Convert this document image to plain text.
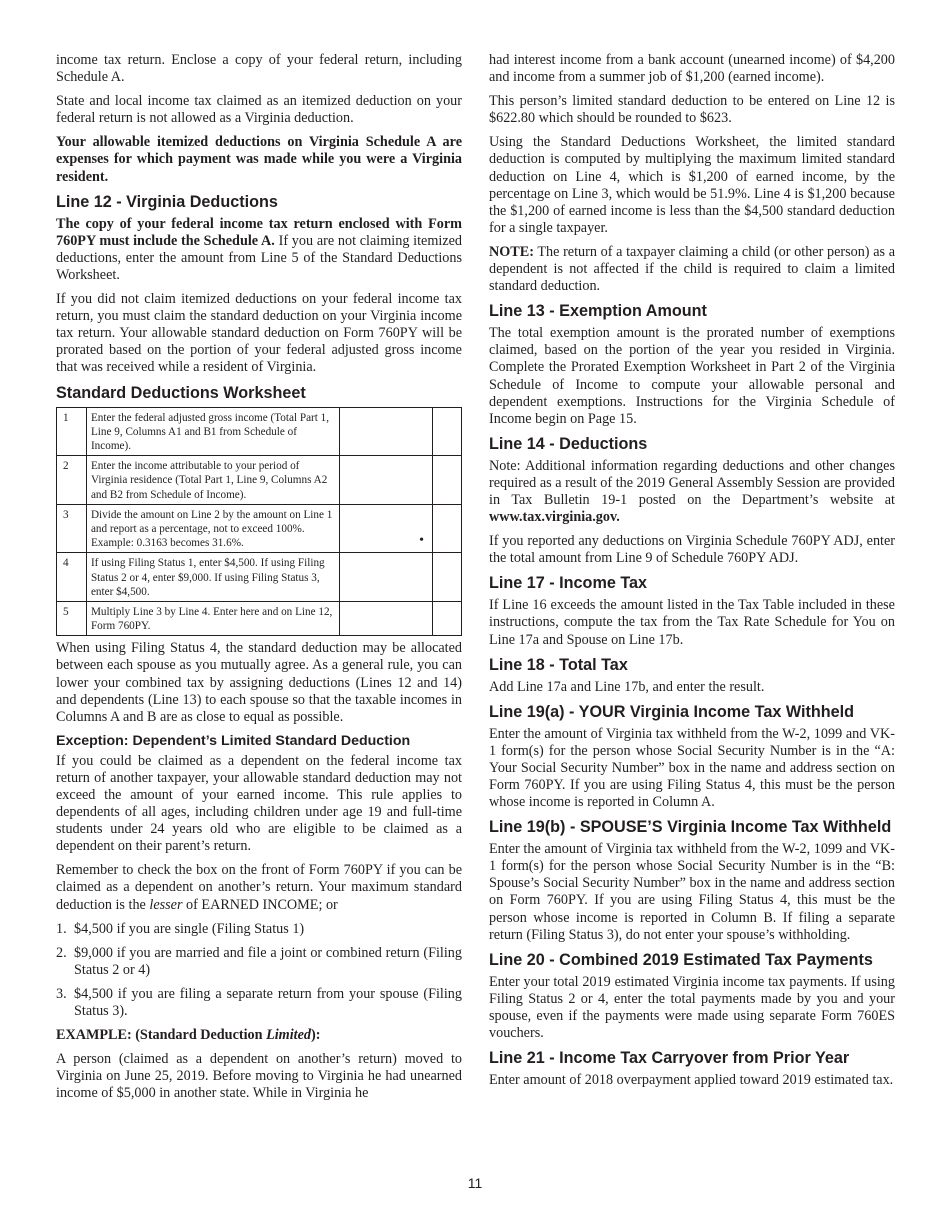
income tax return. Enclose a copy of your federal return, including Schedule A.

State and local income tax claimed as an itemized deduction on your federal return is not allowed as a Virginia deduction.

Your allowable itemized deductions on Virginia Schedule A are expenses for which payment was made while you were a Virginia resident.

Line 12 - Virginia Deductions

The copy of your federal income tax return enclosed with Form 760PY must include the Schedule A. If you are not claiming itemized deductions, enter the amount from Line 5 of the Standard Deductions Worksheet.

If you did not claim itemized deductions on your federal income tax return, you must claim the standard deduction on your Virginia income tax return. Your allowable standard deduction on Form 760PY will be prorated based on the portion of your federal adjusted gross income that was received while a resident of Virginia.

Standard Deductions Worksheet
1	Enter the federal adjusted gross income (Total Part 1, Line 9, Columns A1 and B1 from Schedule of Income).		
2	Enter the income attributable to your period of Virginia residence (Total Part 1, Line 9, Columns A2 and B2 from Schedule of Income).		
3	Divide the amount on Line 2 by the amount on Line 1 and report as a percentage, not to exceed 100%. Example: 0.3163 becomes 31.6%.	•	

4	If using Filing Status 1, enter $4,500. If using Filing Status 2 or 4, enter $9,000. If using Filing Status 3, enter $4,500.		
5	Multiply Line 3 by Line 4. Enter here and on Line 12, Form 760PY.		

When using Filing Status 4, the standard deduction may be allocated between each spouse as you mutually agree. As a general rule, you can lower your combined tax by assigning deductions (Lines 12 and 14) and dependents (Line 13) to each spouse so that the taxable incomes in Columns A and B are as close to equal as possible.

Exception: Dependent’s Limited Standard Deduction

If you could be claimed as a dependent on the federal income tax return of another taxpayer, your allowable standard deduction may not exceed the amount of your earned income. This rule applies to dependents of all ages, including children under age 19 and full-time students under 24 years old who are eligible to be claimed as a dependent on their parent’s return.

Remember to check the box on the front of Form 760PY if you can be claimed as a dependent on another’s return. Your maximum standard deduction is the lesser of EARNED INCOME; or

1. $4,500 if you are single (Filing Status 1)
2. $9,000 if you are married and file a joint or combined return (Filing Status 2 or 4)
3. $4,500 if you are filing a separate return from your spouse (Filing Status 3).

EXAMPLE: (Standard Deduction Limited):

A person (claimed as a dependent on another’s return) moved to Virginia on June 25, 2019. Before moving to Virginia he had unearned income of $5,000 in another state. While in Virginia he

had interest income from a bank account (unearned income) of $4,200 and income from a summer job of $1,200 (earned income).

This person’s limited standard deduction to be entered on Line 12 is $622.80 which should be rounded to $623.

Using the Standard Deductions Worksheet, the limited standard deduction is computed by multiplying the maximum limited standard deduction on Line 4, which is $1,200 of earned income, by the percentage on Line 3, which would be 51.9%. Line 4 is $1,200 because the $1,200 of earned income is less than the $4,500 standard deduction for a single taxpayer.

NOTE: The return of a taxpayer claiming a child (or other person) as a dependent is not affected if the child is required to claim a limited standard deduction.

Line 13 - Exemption Amount

The total exemption amount is the prorated number of exemptions claimed, based on the portion of the year you resided in Virginia. Complete the Prorated Exemption Worksheet in Part 2 of the Virginia Schedule of Income to compute your allowable personal and dependent exemptions. Instructions for the Virginia Schedule of Income begin on Page 15.

Line 14 - Deductions

Note: Additional information regarding deductions and other changes required as a result of the 2019 General Assembly Session are provided in Tax Bulletin 19-1 posted on the Department’s website at www.tax.virginia.gov.

If you reported any deductions on Virginia Schedule 760PY ADJ, enter the total amount from Line 9 of Schedule 760PY ADJ.

Line 17 - Income Tax

If Line 16 exceeds the amount listed in the Tax Table included in these instructions, compute the tax from the Tax Rate Schedule for You on Line 17a and Spouse on Line 17b.

Line 18 - Total Tax

Add Line 17a and Line 17b, and enter the result.

Line 19(a) - YOUR Virginia Income Tax Withheld

Enter the amount of Virginia tax withheld from the W-2, 1099 and VK-1 form(s) for the person whose Social Security Number is in the “A: Your Social Security Number” box in the name and address section on Form 760PY. If you are using Filing Status 4, this must be the person whose income is reported in Column A.

Line 19(b) - SPOUSE’S Virginia Income Tax Withheld

Enter the amount of Virginia tax withheld from the W-2, 1099 and VK-1 form(s) for the person whose Social Security Number is in the “B: Spouse’s Social Security Number” box in the name and address section on Form 760PY. If you are using Filing Status 4, this must be the person whose income is reported in Column B. If filing a separate return (Filing Status 3), do not enter your spouse’s withholding.

Line 20 - Combined 2019 Estimated Tax Payments

Enter your total 2019 estimated Virginia income tax payments. If using Filing Status 2 or 4, enter the total payments made by you and your spouse, even if the payments were made using separate Form 760ES vouchers.

Line 21 - Income Tax Carryover from Prior Year

Enter amount of 2018 overpayment applied toward 2019 estimated tax.

11
